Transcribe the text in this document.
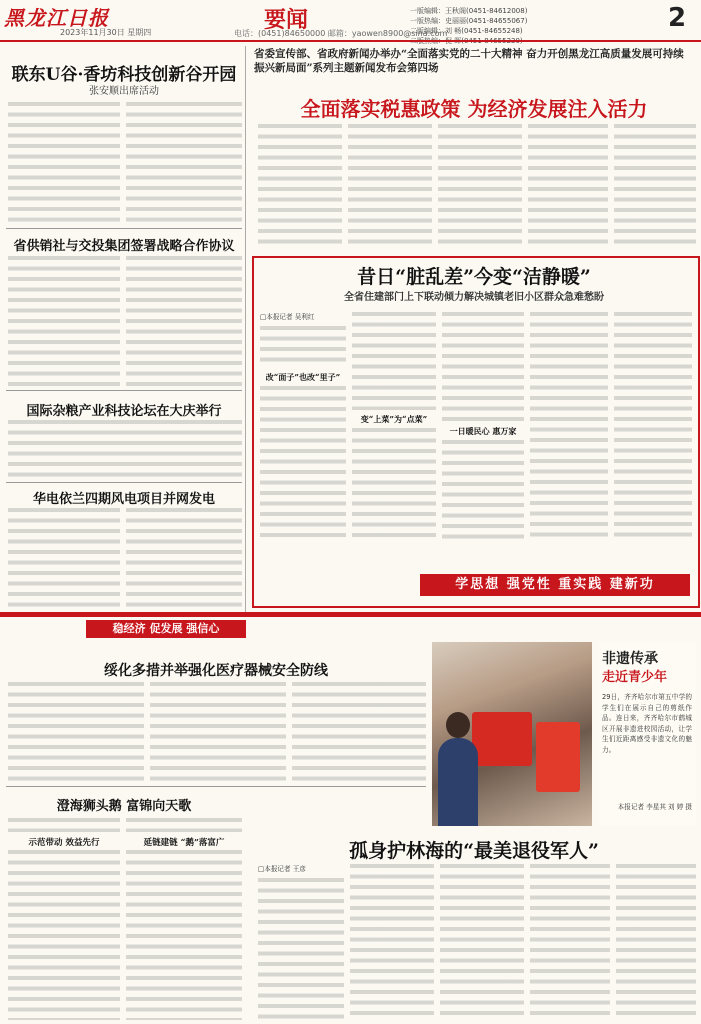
黑龙江日报
2023年11月30日 星期四	要闻
电话：(0451)84650000 邮箱：yaowen8900@sina.com
一版编辑：王秋阁(0451-84612008)
一版热编：史丽丽(0451-84655067)
二版编辑：刘 畅(0451-84655248)	2
联东U谷·香坊科技创新谷开园
张安顺出席活动
省供销社与交投集团签署战略合作协议
国际杂粮产业科技论坛在大庆举行
华电依兰四期风电项目并网发电
稳经济 促发展 强信心
绥化多措并举强化医疗器械安全防线
澄海狮头鹅 富锦向天歌
示范带动 效益先行	延链建链 “鹅”落富广
省委宣传部、省政府新闻办举办“全面落实党的二十大精神 奋力开创黑龙江高质量发展可持续振兴新局面”系列主题新闻发布会第四场
全面落实税惠政策 为经济发展注入活力
昔日“脏乱差”今变“洁静暖”
全省住建部门上下联动倾力解决城镇老旧小区群众急难愁盼
□本报记者 吴利红
改“面子”也改“里子”
变“上菜”为“点菜”
一日暖民心 惠万家
学思想 强党性 重实践 建新功
非遗传承
走近青少年
29日，齐齐哈尔市第五中学的学生们在展示自己的剪纸作品。连日来，齐齐哈尔市鹤城区开展非遗进校园活动，让学生们近距离感受非遗文化的魅力。
本报记者 李星其 刘 婷 摄
孤身护林海的“最美退役军人”
□本报记者 王彦
